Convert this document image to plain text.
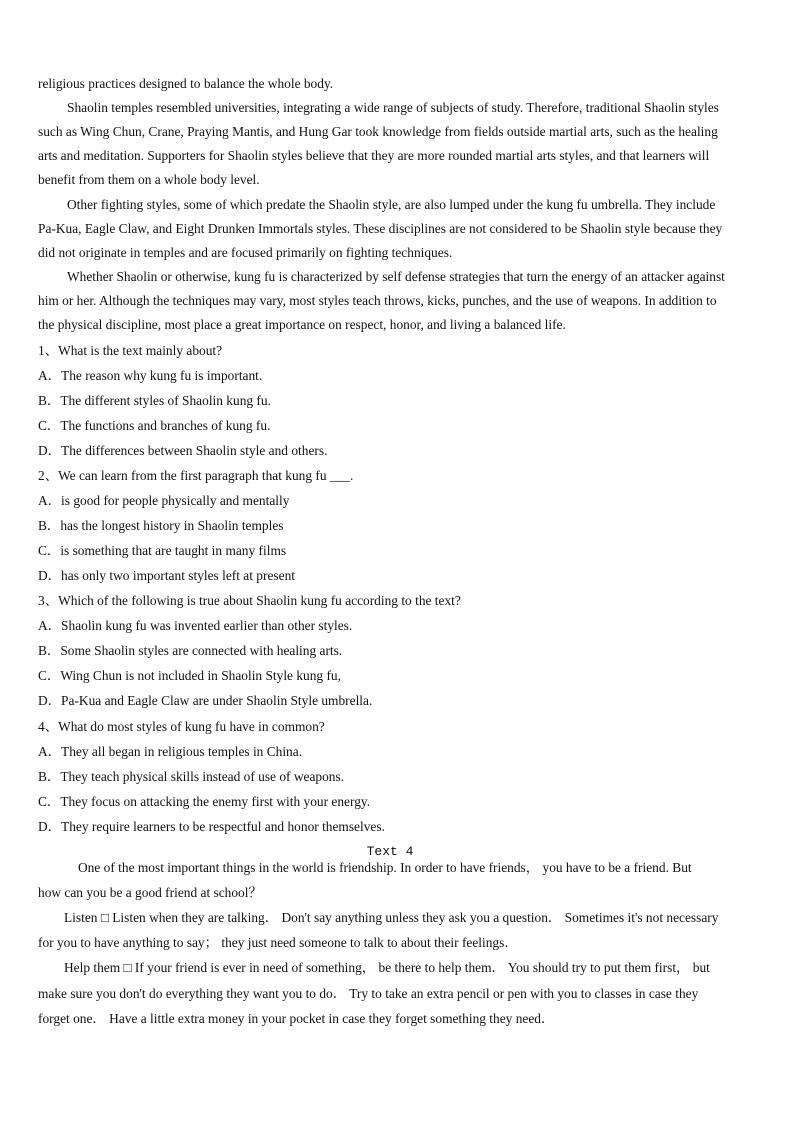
religious practices designed to balance the whole body.
Shaolin temples resembled universities, integrating a wide range of subjects of study. Therefore, traditional Shaolin styles
such as Wing Chun, Crane, Praying Mantis, and Hung Gar took knowledge from fields outside martial arts, such as the healing
arts and meditation. Supporters for Shaolin styles believe that they are more rounded martial arts styles, and that learners will
benefit from them on a whole body level.
Other fighting styles, some of which predate the Shaolin style, are also lumped under the kung fu umbrella. They include
Pa-Kua, Eagle Claw, and Eight Drunken Immortals styles. These disciplines are not considered to be Shaolin style because they
did not originate in temples and are focused primarily on fighting techniques.
Whether Shaolin or otherwise, kung fu is characterized by self defense strategies that turn the energy of an attacker against
him or her. Although the techniques may vary, most styles teach throws, kicks, punches, and the use of weapons. In addition to
the physical discipline, most place a great importance on respect, honor, and living a balanced life.
1、What is the text mainly about?
A．The reason why kung fu is important.
B．The different styles of Shaolin kung fu.
C．The functions and branches of kung fu.
D．The differences between Shaolin style and others.
2、We can learn from the first paragraph that kung fu ___.
A．is good for people physically and mentally
B．has the longest history in Shaolin temples
C．is something that are taught in many films
D．has only two important styles left at present
3、Which of the following is true about Shaolin kung fu according to the text?
A．Shaolin kung fu was invented earlier than other styles.
B．Some Shaolin styles are connected with healing arts.
C．Wing Chun is not included in Shaolin Style kung fu,
D．Pa-Kua and Eagle Claw are under Shaolin Style umbrella.
4、What do most styles of kung fu have in common?
A．They all began in religious temples in China.
B．They teach physical skills instead of use of weapons.
C．They focus on attacking the enemy first with your energy.
D．They require learners to be respectful and honor themselves.
Text 4
One of the most important things in the world is friendship. In order to have friends， you have to be a friend. But
how can you be a good friend at school？
Listen □ Listen when they are talking． Don't say anything unless they ask you a question． Sometimes it's not necessary
for you to have anything to say； they just need someone to talk to about their feelings．
Help them □ If your friend is ever in need of something， be there to help them． You should try to put them first， but
make sure you don't do everything they want you to do． Try to take an extra pencil or pen with you to classes in case they
forget one． Have a little extra money in your pocket in case they forget something they need．
